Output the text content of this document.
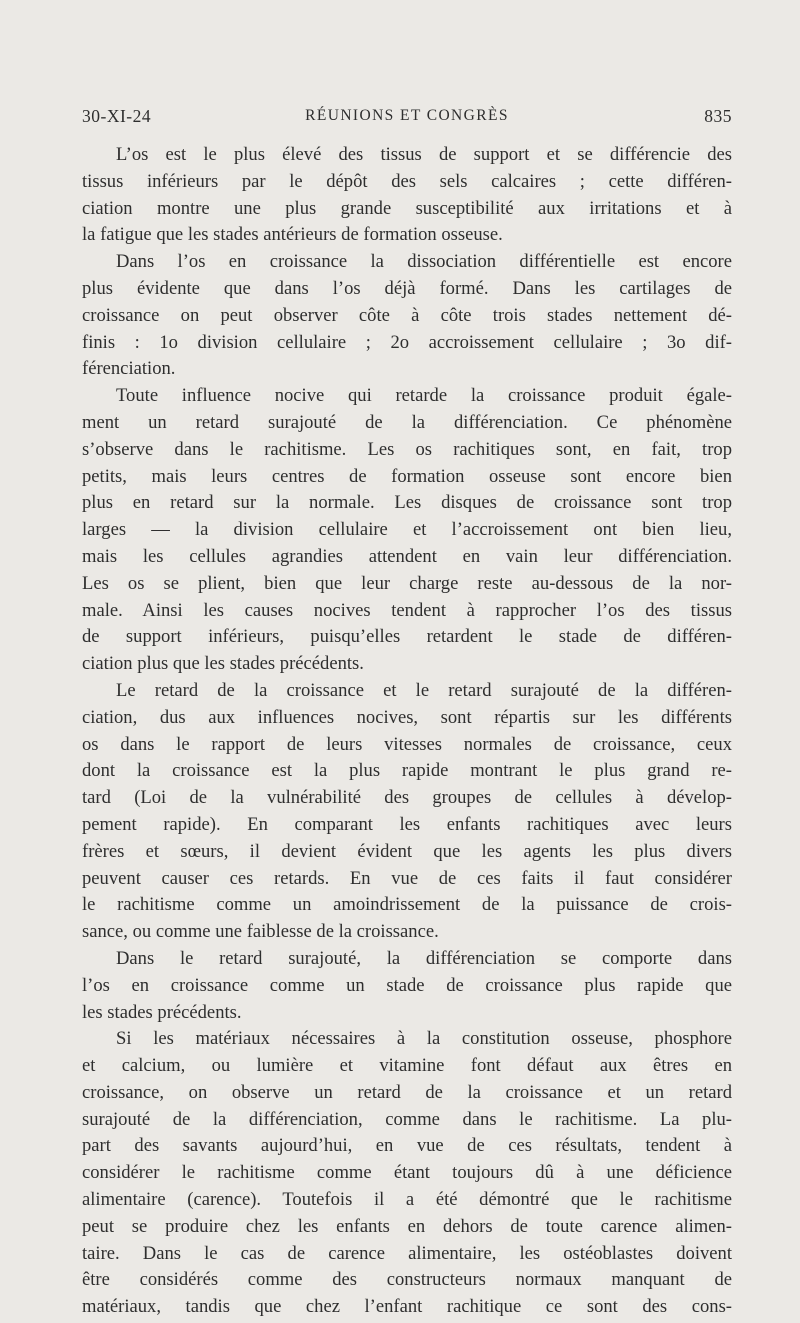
30-XI-24	RÉUNIONS ET CONGRÈS	835

L’os est le plus élevé des tissus de support et se différencie des
tissus inférieurs par le dépôt des sels calcaires ; cette différen-
ciation montre une plus grande susceptibilité aux irritations et à
la fatigue que les stades antérieurs de formation osseuse.

Dans l’os en croissance la dissociation différentielle est encore
plus évidente que dans l’os déjà formé. Dans les cartilages de
croissance on peut observer côte à côte trois stades nettement dé-
finis : 1o division cellulaire ; 2o accroissement cellulaire ; 3o dif-
férenciation.

Toute influence nocive qui retarde la croissance produit égale-
ment un retard surajouté de la différenciation. Ce phénomène
s’observe dans le rachitisme. Les os rachitiques sont, en fait, trop
petits, mais leurs centres de formation osseuse sont encore bien
plus en retard sur la normale. Les disques de croissance sont trop
larges — la division cellulaire et l’accroissement ont bien lieu,
mais les cellules agrandies attendent en vain leur différenciation.
Les os se plient, bien que leur charge reste au-dessous de la nor-
male. Ainsi les causes nocives tendent à rapprocher l’os des tissus
de support inférieurs, puisqu’elles retardent le stade de différen-
ciation plus que les stades précédents.

Le retard de la croissance et le retard surajouté de la différen-
ciation, dus aux influences nocives, sont répartis sur les différents
os dans le rapport de leurs vitesses normales de croissance, ceux
dont la croissance est la plus rapide montrant le plus grand re-
tard (Loi de la vulnérabilité des groupes de cellules à dévelop-
pement rapide). En comparant les enfants rachitiques avec leurs
frères et sœurs, il devient évident que les agents les plus divers
peuvent causer ces retards. En vue de ces faits il faut considérer
le rachitisme comme un amoindrissement de la puissance de crois-
sance, ou comme une faiblesse de la croissance.

Dans le retard surajouté, la différenciation se comporte dans
l’os en croissance comme un stade de croissance plus rapide que
les stades précédents.

Si les matériaux nécessaires à la constitution osseuse, phosphore
et calcium, ou lumière et vitamine font défaut aux êtres en
croissance, on observe un retard de la croissance et un retard
surajouté de la différenciation, comme dans le rachitisme. La plu-
part des savants aujourd’hui, en vue de ces résultats, tendent à
considérer le rachitisme comme étant toujours dû à une déficience
alimentaire (carence). Toutefois il a été démontré que le rachitisme
peut se produire chez les enfants en dehors de toute carence alimen-
taire. Dans le cas de carence alimentaire, les ostéoblastes doivent
être considérés comme des constructeurs normaux manquant de
matériaux, tandis que chez l’enfant rachitique ce sont des cons-
